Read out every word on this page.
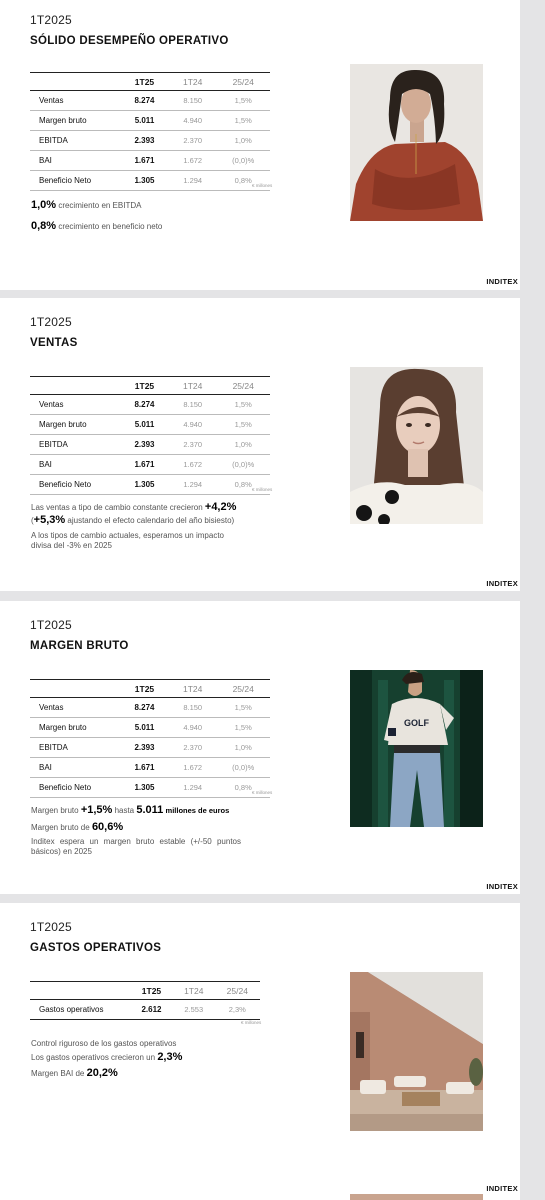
1T2025
SÓLIDO DESEMPEÑO OPERATIVO
	1T25	1T24	25/24
Ventas	8.274	8.150	1,5%
Margen bruto	5.011	4.940	1,5%
EBITDA	2.393	2.370	1,0%
BAI	1.671	1.672	(0,0)%
Beneficio Neto	1.305	1.294	0,8%
€ millones
1,0% crecimiento en EBITDA
0,8% crecimiento en beneficio neto
INDITEX
1T2025
VENTAS
	1T25	1T24	25/24
Ventas	8.274	8.150	1,5%
Margen bruto	5.011	4.940	1,5%
EBITDA	2.393	2.370	1,0%
BAI	1.671	1.672	(0,0)%
Beneficio Neto	1.305	1.294	0,8%
€ millones
Las ventas a tipo de cambio constante crecieron +4,2%
(+5,3% ajustando el efecto calendario del año bisiesto)
A los tipos de cambio actuales, esperamos un impacto divisa del -3% en 2025
INDITEX
1T2025
MARGEN BRUTO
	1T25	1T24	25/24
Ventas	8.274	8.150	1,5%
Margen bruto	5.011	4.940	1,5%
EBITDA	2.393	2.370	1,0%
BAI	1.671	1.672	(0,0)%
Beneficio Neto	1.305	1.294	0,8%
€ millones
Margen bruto +1,5% hasta 5.011 millones de euros
Margen bruto de 60,6%
Inditex espera un margen bruto estable (+/-50 puntos básicos) en 2025
GOLF
INDITEX
1T2025
GASTOS OPERATIVOS
	1T25	1T24	25/24
Gastos operativos	2.612	2.553	2,3%
€ millones
Control riguroso de los gastos operativos
Los gastos operativos crecieron un 2,3%
Margen BAI de 20,2%
INDITEX
